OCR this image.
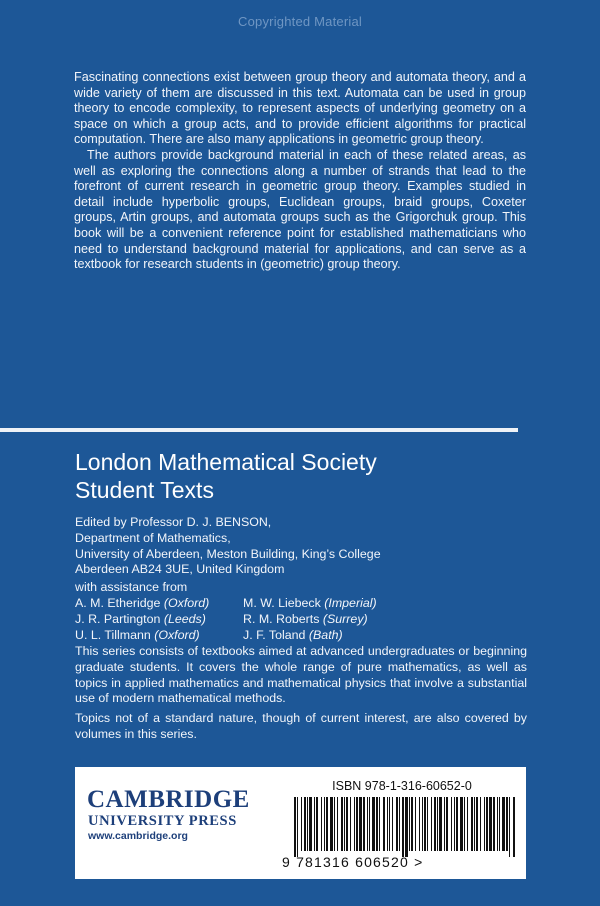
Copyrighted Material

Fascinating connections exist between group theory and automata theory, and a wide variety of them are discussed in this text. Automata can be used in group theory to encode complexity, to represent aspects of underlying geometry on a space on which a group acts, and to provide efficient algorithms for practical computation. There are also many applications in geometric group theory.

The authors provide background material in each of these related areas, as well as exploring the connections along a number of strands that lead to the forefront of current research in geometric group theory. Examples studied in detail include hyperbolic groups, Euclidean groups, braid groups, Coxeter groups, Artin groups, and automata groups such as the Grigorchuk group. This book will be a convenient reference point for established mathematicians who need to understand background material for applications, and can serve as a textbook for research students in (geometric) group theory.

London Mathematical Society
Student Texts
Edited by Professor D. J. BENSON,
Department of Mathematics,
University of Aberdeen, Meston Building, King’s College
Aberdeen AB24 3UE, United Kingdom
with assistance from
A. M. Etheridge (Oxford)	M. W. Liebeck (Imperial)
J. R. Partington (Leeds)	R. M. Roberts (Surrey)
U. L. Tillmann (Oxford)	J. F. Toland (Bath)

This series consists of textbooks aimed at advanced undergraduates or beginning graduate students. It covers the whole range of pure mathematics, as well as topics in applied mathematics and mathematical physics that involve a substantial use of modern mathematical methods.

Topics not of a standard nature, though of current interest, are also covered by volumes in this series.

CAMBRIDGE
UNIVERSITY PRESS
www.cambridge.org
ISBN 978-1-316-60652-0
9 781316 606520 >
